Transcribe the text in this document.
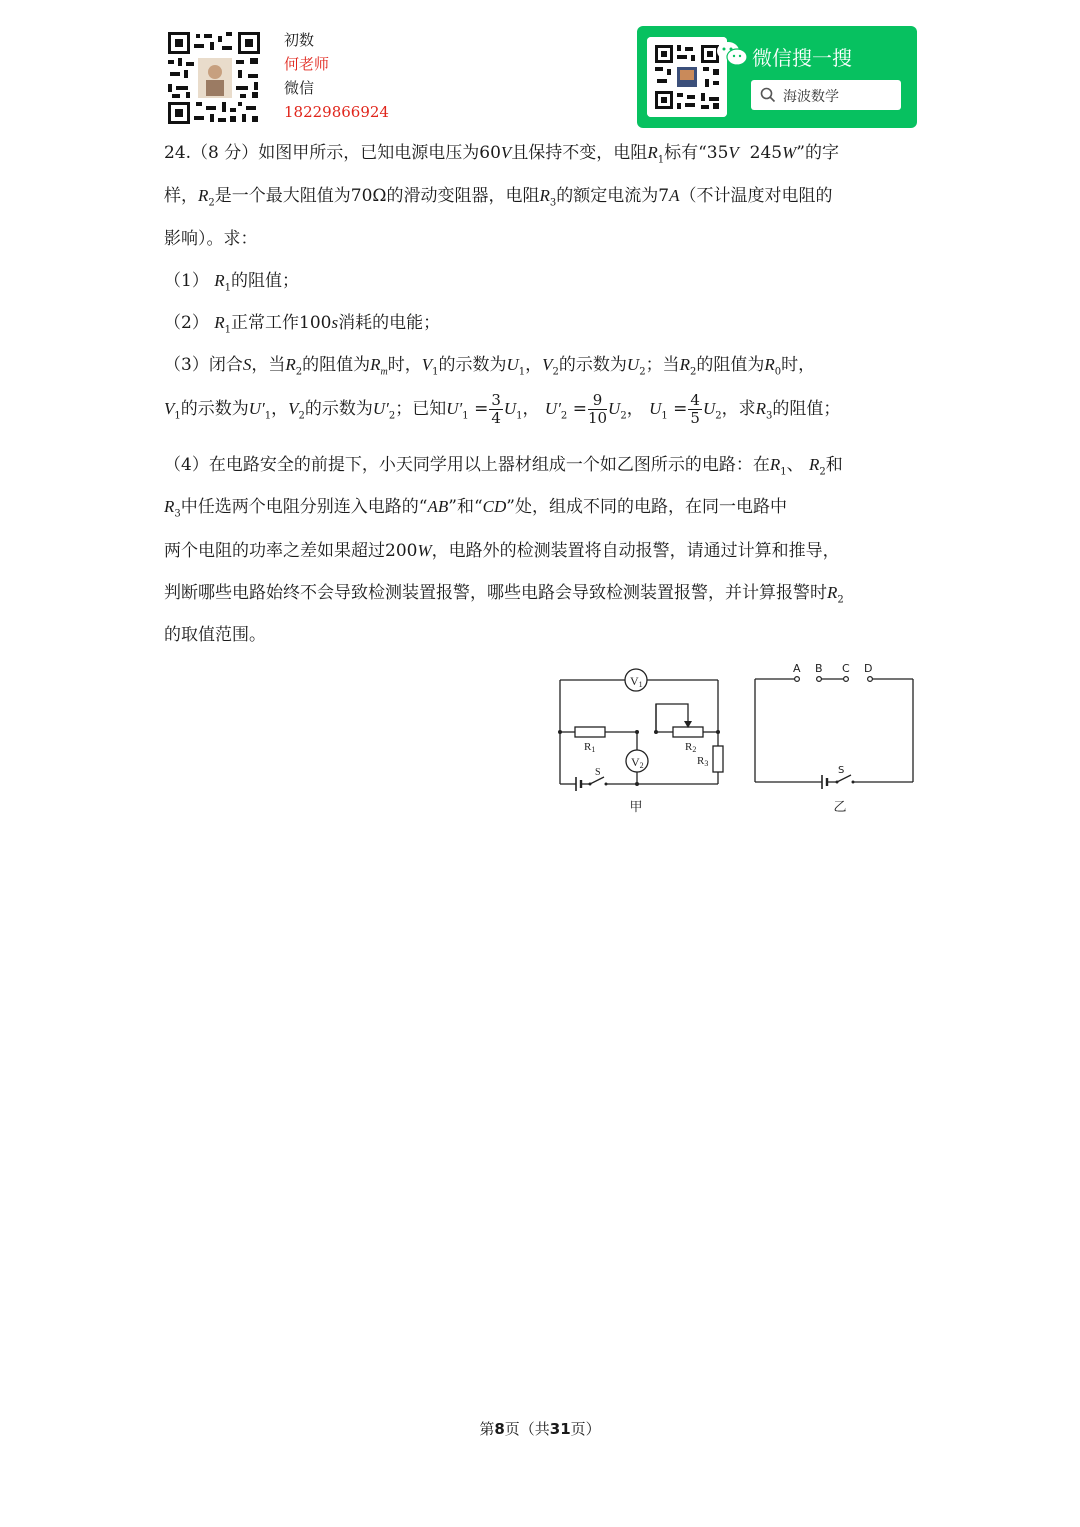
初数
何老师
微信
18229866924
微信搜一搜
海波数学
24.（8 分）如图甲所示，已知电源电压为60V且保持不变，电阻$R_1$标有“35V 245W”的字
样，$R_2$是一个最大阻值为70Ω的滑动变阻器，电阻$R_3$的额定电流为7A（不计温度对电阻的
影响）。求：
（1） $R_1$的阻值；
（2） $R_1$正常工作100s消耗的电能；
（3）闭合S，当$R_2$的阻值为$R_m$时，$V_1$的示数为$U_1$，$V_2$的示数为$U_2$；当$R_2$的阻值为$R_0$时，
$V_1$的示数为$U'_1$，$V_2$的示数为$U'_2$；已知$U'_1 = \frac{3}{4} U_1$， $U'_2 = \frac{9}{10} U_2$， $U_1 = \frac{4}{5} U_2$，求$R_3$的阻值；
（4）在电路安全的前提下，小天同学用以上器材组成一个如乙图所示的电路：在$R_1$、 $R_2$和
$R_3$中任选两个电阻分别连入电路的“AB”和“CD”处，组成不同的电路，在同一电路中
两个电阻的功率之差如果超过200W，电路外的检测装置将自动报警，请通过计算和推导，
判断哪些电路始终不会导致检测装置报警，哪些电路会导致检测装置报警，并计算报警时$R_2$
的取值范围。
V1
V2
R1	R2
R3
S
甲
A B C D
S
乙
第8页（共31页）
